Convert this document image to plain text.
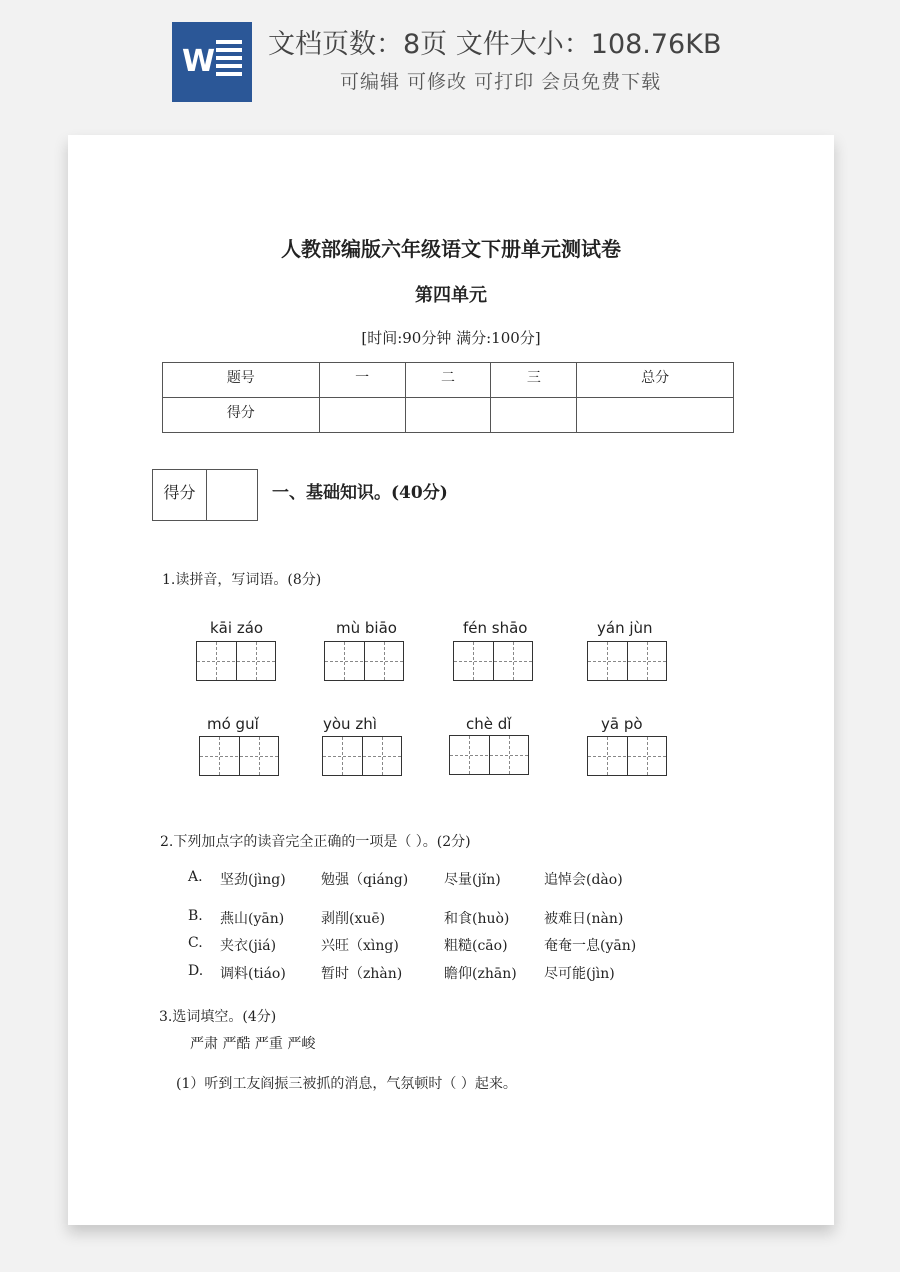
W 文档页数：8页 文件大小：108.76KB
可编辑 可修改 可打印 会员免费下载
人教部编版六年级语文下册单元测试卷
第四单元
[时间:90分钟 满分:100分]
题号	一	二	三	总分
得分				
得分	一、基础知识。(40分)
1.读拼音，写词语。(8分)
kāi záo	mù biāo	fén shāo	yán jùn
mó guǐ	yòu zhì	chè dǐ	yā pò
2.下列加点字的读音完全正确的一项是（ ）。(2分)
A. 坚劲(jìng)	勉强（qiáng)	尽量(jǐn)	追悼会(dào)
B. 燕山(yān)	剥削(xuē)	和食(huò) 被难日(nàn)
C. 夹衣(jiá)	兴旺（xìng)	粗糙(cāo)	奄奄一息(yān)
D. 调料(tiáo)	暂时（zhàn)	瞻仰(zhān) 尽可能(jìn)
3.选词填空。(4分)
严肃 严酷 严重 严峻
(1）听到工友阎振三被抓的消息，气氛顿时（ ）起来。
